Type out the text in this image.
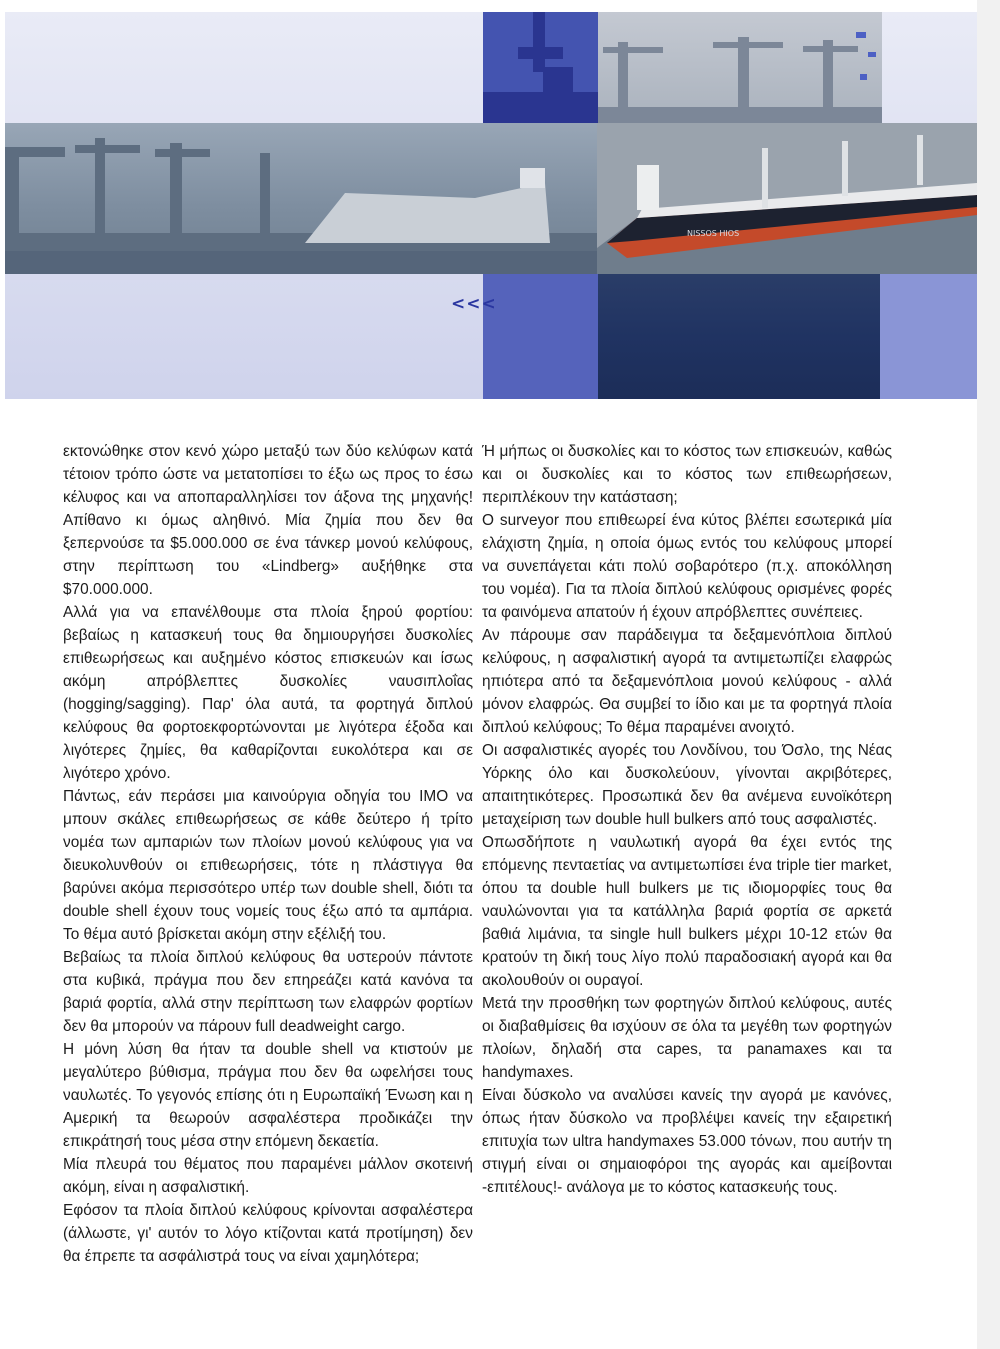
NISSOS HIOS
<<<

εκτονώθηκε στον κενό χώρο μεταξύ των δύο κελύφων κατά τέτοιον τρόπο ώστε να μετατοπίσει το έξω ως προς το έσω κέλυφος και να αποπαραλληλίσει τον άξονα της μηχανής! Απίθανο κι όμως αληθινό. Μία ζημία που δεν θα ξεπερνούσε τα $5.000.000 σε ένα τάνκερ μονού κελύφους, στην περίπτωση του «Lindberg» αυξήθηκε στα $70.000.000.

Αλλά για να επανέλθουμε στα πλοία ξηρού φορτίου: βεβαίως η κατασκευή τους θα δημιουργήσει δυσκολίες επιθεωρήσεως και αυξημένο κόστος επισκευών και ίσως ακόμη απρόβλεπτες δυσκολίες ναυσιπλοΐας (hogging/sagging). Παρ' όλα αυτά, τα φορτηγά διπλού κελύφους θα φορτοεκφορτώνονται με λιγότερα έξοδα και λιγότερες ζημίες, θα καθαρίζονται ευκολότερα και σε λιγότερο χρόνο.

Πάντως, εάν περάσει μια καινούργια οδηγία του ΙΜΟ να μπουν σκάλες επιθεωρήσεως σε κάθε δεύτερο ή τρίτο νομέα των αμπαριών των πλοίων μονού κελύφους για να διευκολυνθούν οι επιθεωρήσεις, τότε η πλάστιγγα θα βαρύνει ακόμα περισσότερο υπέρ των double shell, διότι τα double shell έχουν τους νομείς τους έξω από τα αμπάρια. Το θέμα αυτό βρίσκεται ακόμη στην εξέλιξή του.

Βεβαίως τα πλοία διπλού κελύφους θα υστερούν πάντοτε στα κυβικά, πράγμα που δεν επηρεάζει κατά κανόνα τα βαριά φορτία, αλλά στην περίπτωση των ελαφρών φορτίων δεν θα μπορούν να πάρουν full deadweight cargo.

Η μόνη λύση θα ήταν τα double shell να κτιστούν με μεγαλύτερο βύθισμα, πράγμα που δεν θα ωφελήσει τους ναυλωτές. Το γεγονός επίσης ότι η Ευρωπαϊκή Ένωση και η Αμερική τα θεωρούν ασφαλέστερα προδικάζει την επικράτησή τους μέσα στην επόμενη δεκαετία.

Μία πλευρά του θέματος που παραμένει μάλλον σκοτεινή ακόμη, είναι η ασφαλιστική.

Εφόσον τα πλοία διπλού κελύφους κρίνονται ασφαλέστερα (άλλωστε, γι' αυτόν το λόγο κτίζονται κατά προτίμηση) δεν θα έπρεπε τα ασφάλιστρά τους να είναι χαμηλότερα;

Ή μήπως οι δυσκολίες και το κόστος των επισκευών, καθώς και οι δυσκολίες και το κόστος των επιθεωρήσεων, περιπλέκουν την κατάσταση;

Ο surveyor που επιθεωρεί ένα κύτος βλέπει εσωτερικά μία ελάχιστη ζημία, η οποία όμως εντός του κελύφους μπορεί να συνεπάγεται κάτι πολύ σοβαρότερο (π.χ. αποκόλληση του νομέα). Για τα πλοία διπλού κελύφους ορισμένες φορές τα φαινόμενα απατούν ή έχουν απρόβλεπτες συνέπειες.

Αν πάρουμε σαν παράδειγμα τα δεξαμενόπλοια διπλού κελύφους, η ασφαλιστική αγορά τα αντιμετωπίζει ελαφρώς ηπιότερα από τα δεξαμενόπλοια μονού κελύφους - αλλά μόνον ελαφρώς. Θα συμβεί το ίδιο και με τα φορτηγά πλοία διπλού κελύφους; Το θέμα παραμένει ανοιχτό.

Οι ασφαλιστικές αγορές του Λονδίνου, του Όσλο, της Νέας Υόρκης όλο και δυσκολεύουν, γίνονται ακριβότερες, απαιτητικότερες. Προσωπικά δεν θα ανέμενα ευνοϊκότερη μεταχείριση των double hull bulkers από τους ασφαλιστές.

Οπωσδήποτε η ναυλωτική αγορά θα έχει εντός της επόμενης πενταετίας να αντιμετωπίσει ένα triple tier market, όπου τα double hull bulkers με τις ιδιομορφίες τους θα ναυλώνονται για τα κατάλληλα βαριά φορτία σε αρκετά βαθιά λιμάνια, τα single hull bulkers μέχρι 10-12 ετών θα κρατούν τη δική τους λίγο πολύ παραδοσιακή αγορά και θα ακολουθούν οι ουραγοί.

Μετά την προσθήκη των φορτηγών διπλού κελύφους, αυτές οι διαβαθμίσεις θα ισχύουν σε όλα τα μεγέθη των φορτηγών πλοίων, δηλαδή στα capes, τα panamaxes και τα handymaxes.

Είναι δύσκολο να αναλύσει κανείς την αγορά με κανόνες, όπως ήταν δύσκολο να προβλέψει κανείς την εξαιρετική επιτυχία των ultra handymaxes 53.000 τόνων, που αυτήν τη στιγμή είναι οι σημαιοφόροι της αγοράς και αμείβονται -επιτέλους!- ανάλογα με το κόστος κατασκευής τους.
